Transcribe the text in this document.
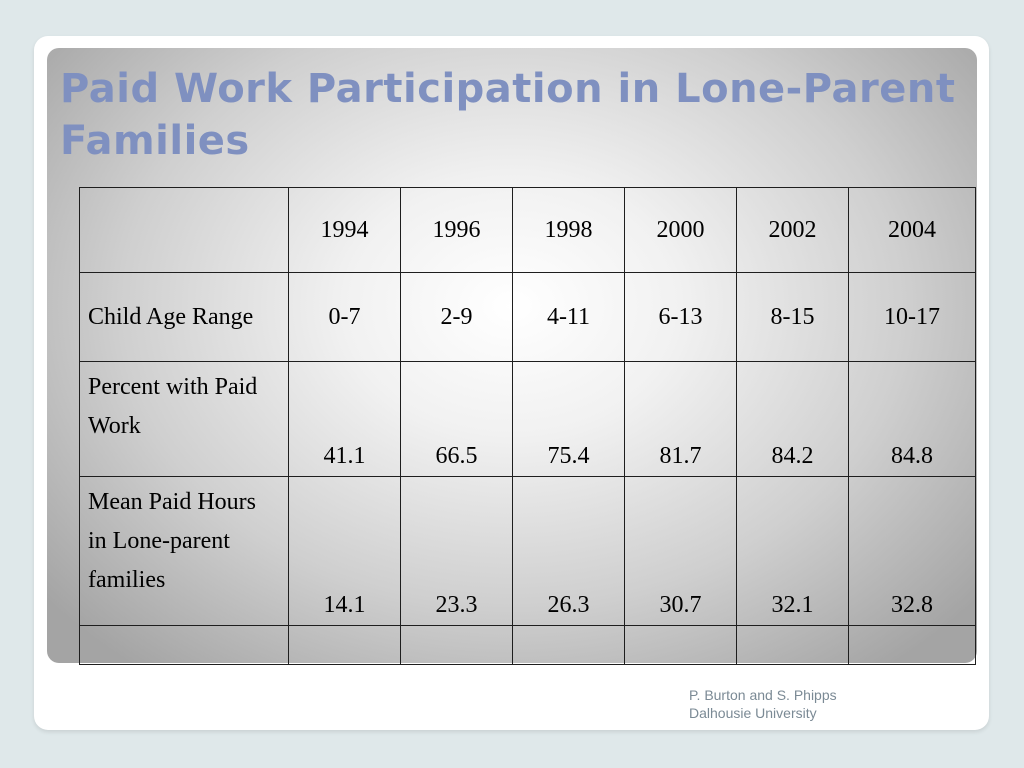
Paid Work Participation in Lone-Parent Families
	1994	1996	1998	2000	2002	2004
Child Age Range	0-7	2-9	4-11	6-13	8-15	10-17
Percent with Paid Work	41.1	66.5	75.4	81.7	84.2	84.8
Mean Paid Hours in Lone-parent families	14.1	23.3	26.3	30.7	32.1	32.8

P. Burton and S. Phipps
Dalhousie University
